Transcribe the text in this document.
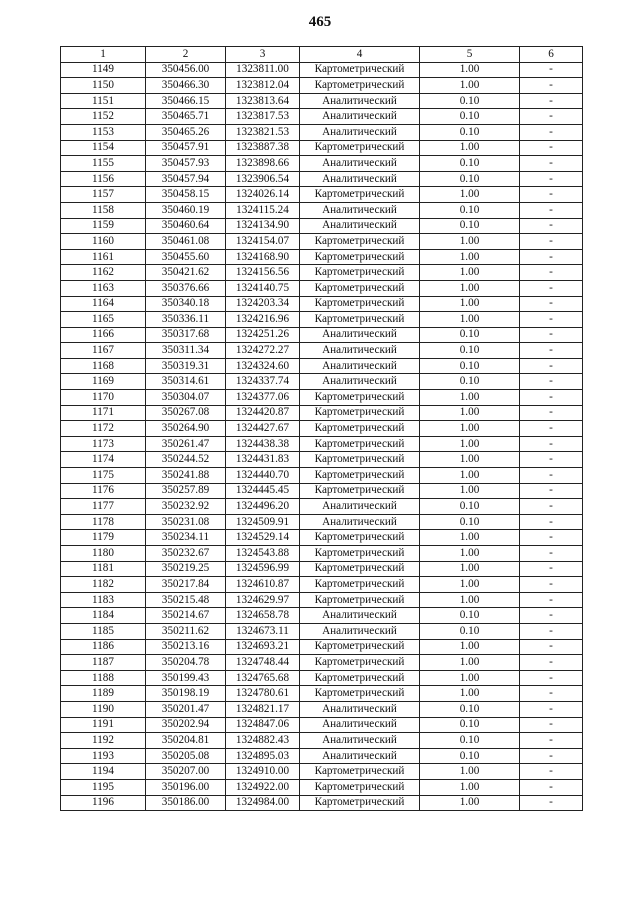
465
1	2	3	4	5	6
1149	350456.00	1323811.00	Картометрический	1.00	-
1150	350466.30	1323812.04	Картометрический	1.00	-
1151	350466.15	1323813.64	Аналитический	0.10	-
1152	350465.71	1323817.53	Аналитический	0.10	-
1153	350465.26	1323821.53	Аналитический	0.10	-
1154	350457.91	1323887.38	Картометрический	1.00	-
1155	350457.93	1323898.66	Аналитический	0.10	-
1156	350457.94	1323906.54	Аналитический	0.10	-
1157	350458.15	1324026.14	Картометрический	1.00	-
1158	350460.19	1324115.24	Аналитический	0.10	-
1159	350460.64	1324134.90	Аналитический	0.10	-
1160	350461.08	1324154.07	Картометрический	1.00	-
1161	350455.60	1324168.90	Картометрический	1.00	-
1162	350421.62	1324156.56	Картометрический	1.00	-
1163	350376.66	1324140.75	Картометрический	1.00	-
1164	350340.18	1324203.34	Картометрический	1.00	-
1165	350336.11	1324216.96	Картометрический	1.00	-
1166	350317.68	1324251.26	Аналитический	0.10	-
1167	350311.34	1324272.27	Аналитический	0.10	-
1168	350319.31	1324324.60	Аналитический	0.10	-
1169	350314.61	1324337.74	Аналитический	0.10	-
1170	350304.07	1324377.06	Картометрический	1.00	-
1171	350267.08	1324420.87	Картометрический	1.00	-
1172	350264.90	1324427.67	Картометрический	1.00	-
1173	350261.47	1324438.38	Картометрический	1.00	-
1174	350244.52	1324431.83	Картометрический	1.00	-
1175	350241.88	1324440.70	Картометрический	1.00	-
1176	350257.89	1324445.45	Картометрический	1.00	-
1177	350232.92	1324496.20	Аналитический	0.10	-
1178	350231.08	1324509.91	Аналитический	0.10	-
1179	350234.11	1324529.14	Картометрический	1.00	-
1180	350232.67	1324543.88	Картометрический	1.00	-
1181	350219.25	1324596.99	Картометрический	1.00	-
1182	350217.84	1324610.87	Картометрический	1.00	-
1183	350215.48	1324629.97	Картометрический	1.00	-
1184	350214.67	1324658.78	Аналитический	0.10	-
1185	350211.62	1324673.11	Аналитический	0.10	-
1186	350213.16	1324693.21	Картометрический	1.00	-
1187	350204.78	1324748.44	Картометрический	1.00	-
1188	350199.43	1324765.68	Картометрический	1.00	-
1189	350198.19	1324780.61	Картометрический	1.00	-
1190	350201.47	1324821.17	Аналитический	0.10	-
1191	350202.94	1324847.06	Аналитический	0.10	-
1192	350204.81	1324882.43	Аналитический	0.10	-
1193	350205.08	1324895.03	Аналитический	0.10	-
1194	350207.00	1324910.00	Картометрический	1.00	-
1195	350196.00	1324922.00	Картометрический	1.00	-
1196	350186.00	1324984.00	Картометрический	1.00	-
